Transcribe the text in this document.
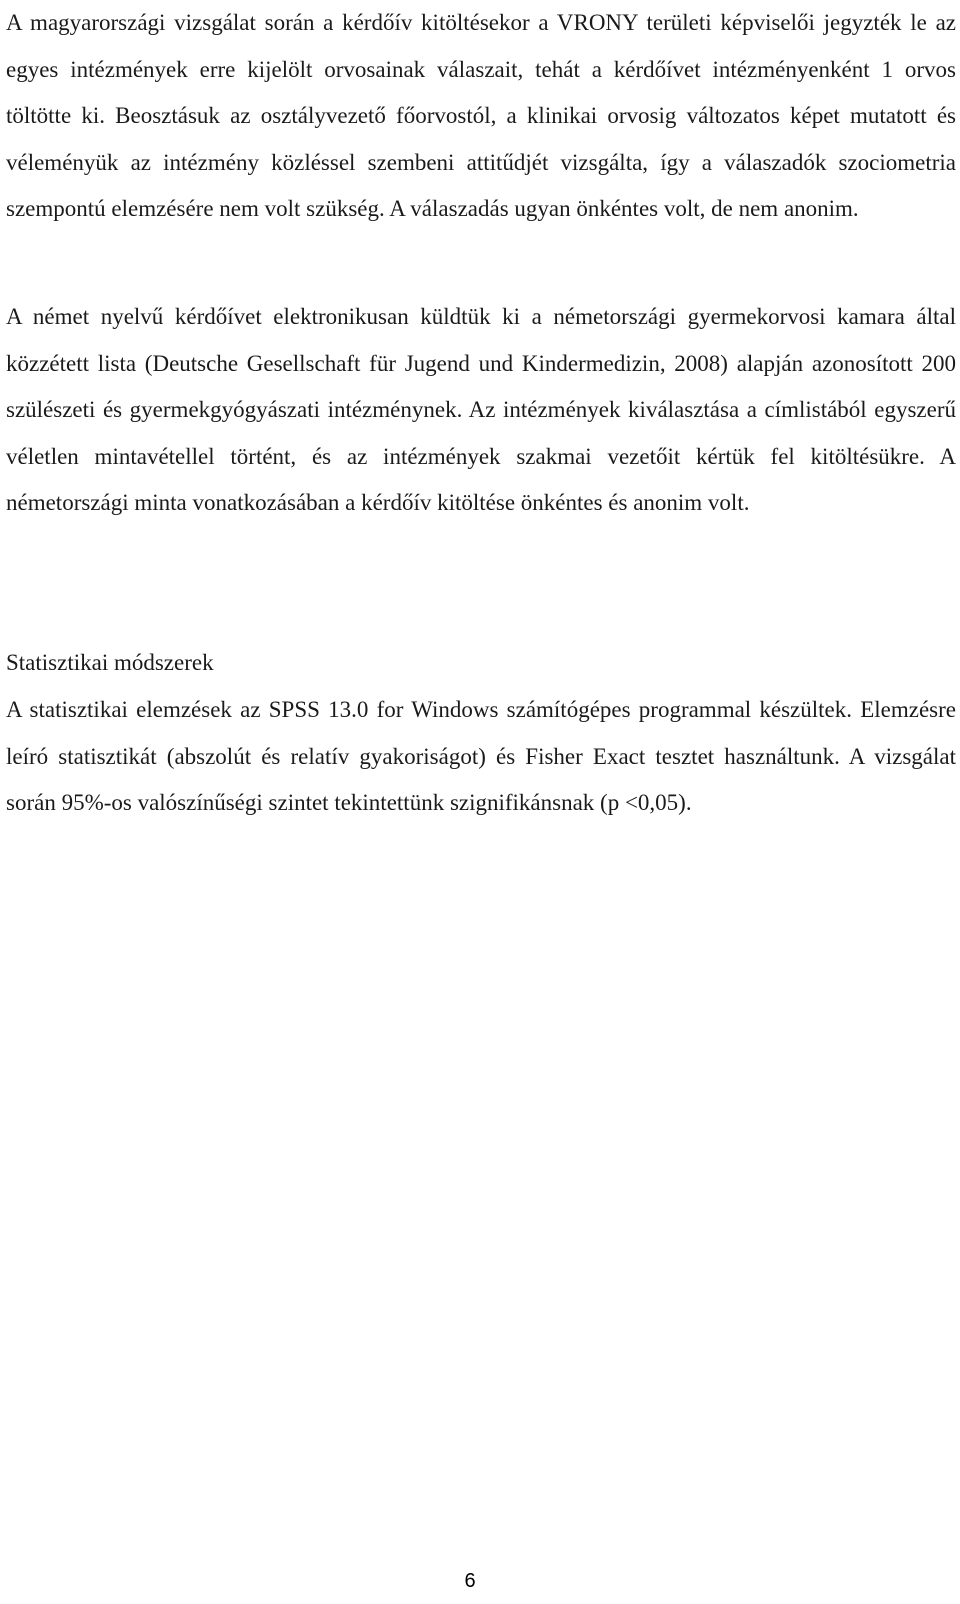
A magyarországi vizsgálat során a kérdőív kitöltésekor a VRONY területi képviselői jegyzték le az egyes intézmények erre kijelölt orvosainak válaszait, tehát a kérdőívet intézményenként 1 orvos töltötte ki. Beosztásuk az osztályvezető főorvostól, a klinikai orvosig változatos képet mutatott és véleményük az intézmény közléssel szembeni attitűdjét vizsgálta, így a válaszadók szociometria szempontú elemzésére nem volt szükség. A válaszadás ugyan önkéntes volt, de nem anonim.

A német nyelvű kérdőívet elektronikusan küldtük ki a németországi gyermekorvosi kamara által közzétett lista (Deutsche Gesellschaft für Jugend und Kindermedizin, 2008) alapján azonosított 200 szülészeti és gyermekgyógyászati intézménynek. Az intézmények kiválasztása a címlistából egyszerű véletlen mintavétellel történt, és az intézmények szakmai vezetőit kértük fel kitöltésükre. A németországi minta vonatkozásában a kérdőív kitöltése önkéntes és anonim volt.

Statisztikai módszerek

A statisztikai elemzések az SPSS 13.0 for Windows számítógépes programmal készültek. Elemzésre leíró statisztikát (abszolút és relatív gyakoriságot) és Fisher Exact tesztet használtunk. A vizsgálat során 95%-os valószínűségi szintet tekintettünk szignifikánsnak (p <0,05).

6
